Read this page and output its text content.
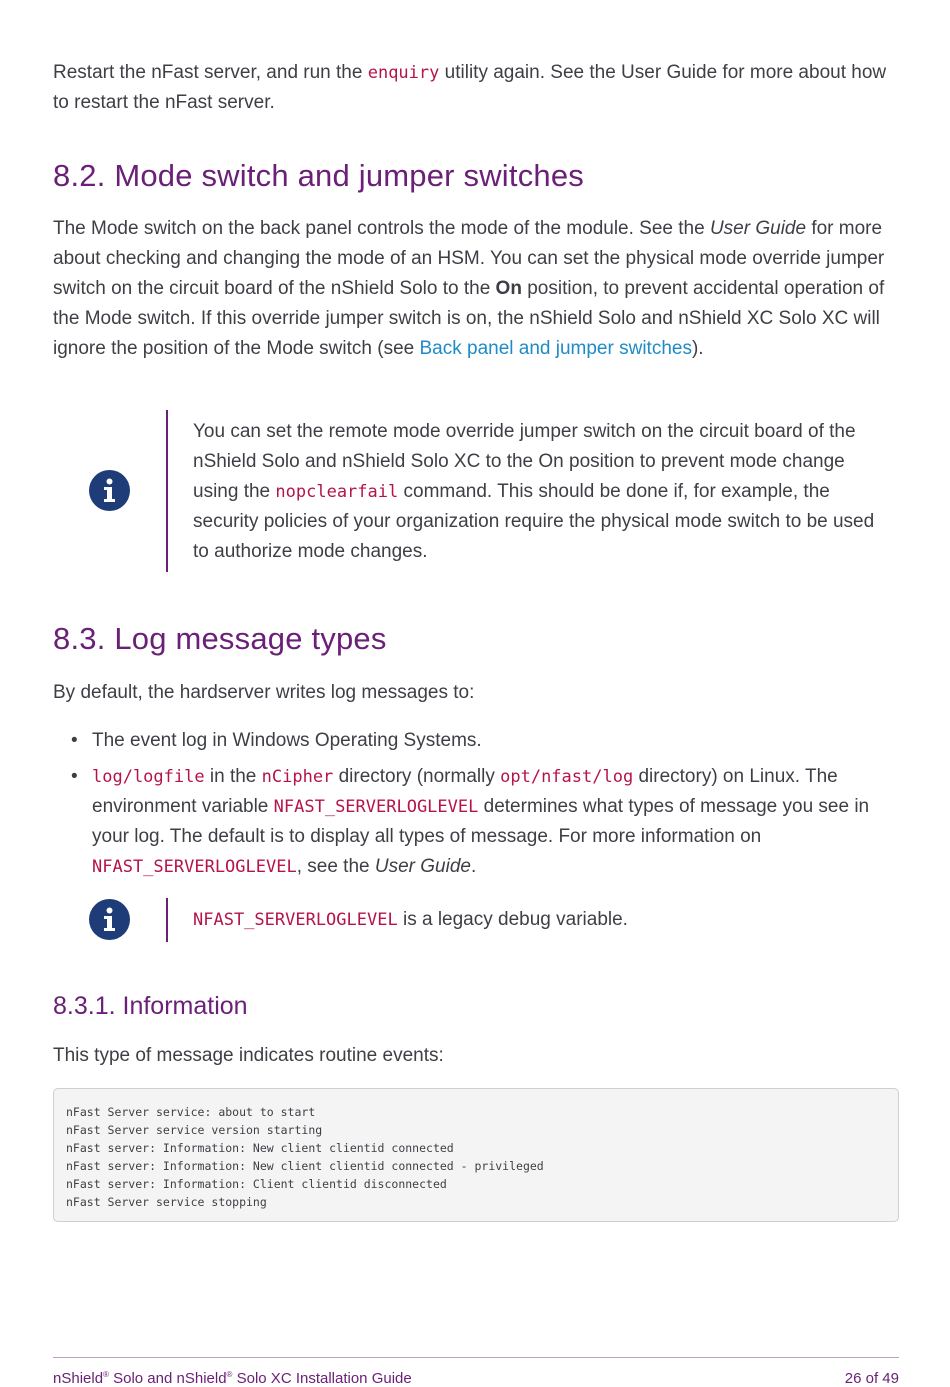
Restart the nFast server, and run the enquiry utility again. See the User Guide for more about how to restart the nFast server.

8.2. Mode switch and jumper switches

The Mode switch on the back panel controls the mode of the module. See the User Guide for more about checking and changing the mode of an HSM. You can set the physical mode override jumper switch on the circuit board of the nShield Solo to the On position, to prevent accidental operation of the Mode switch. If this override jumper switch is on, the nShield Solo and nShield XC Solo XC will ignore the position of the Mode switch (see Back panel and jumper switches).

You can set the remote mode override jumper switch on the circuit board of the nShield Solo and nShield Solo XC to the On position to prevent mode change using the nopclearfail command. This should be done if, for example, the security policies of your organization require the physical mode switch to be used to authorize mode changes.
8.3. Log message types

By default, the hardserver writes log messages to:

• The event log in Windows Operating Systems.
• log/logfile in the nCipher directory (normally opt/nfast/log directory) on Linux. The environment variable NFAST_SERVERLOGLEVEL determines what types of message you see in your log. The default is to display all types of message. For more information on NFAST_SERVERLOGLEVEL, see the User Guide.
NFAST_SERVERLOGLEVEL is a legacy debug variable.
8.3.1. Information

This type of message indicates routine events:

nFast Server service: about to start
nFast Server service version starting
nFast server: Information: New client clientid connected
nFast server: Information: New client clientid connected - privileged
nFast server: Information: Client clientid disconnected
nFast Server service stopping
nShield® Solo and nShield® Solo XC Installation Guide	26 of 49
